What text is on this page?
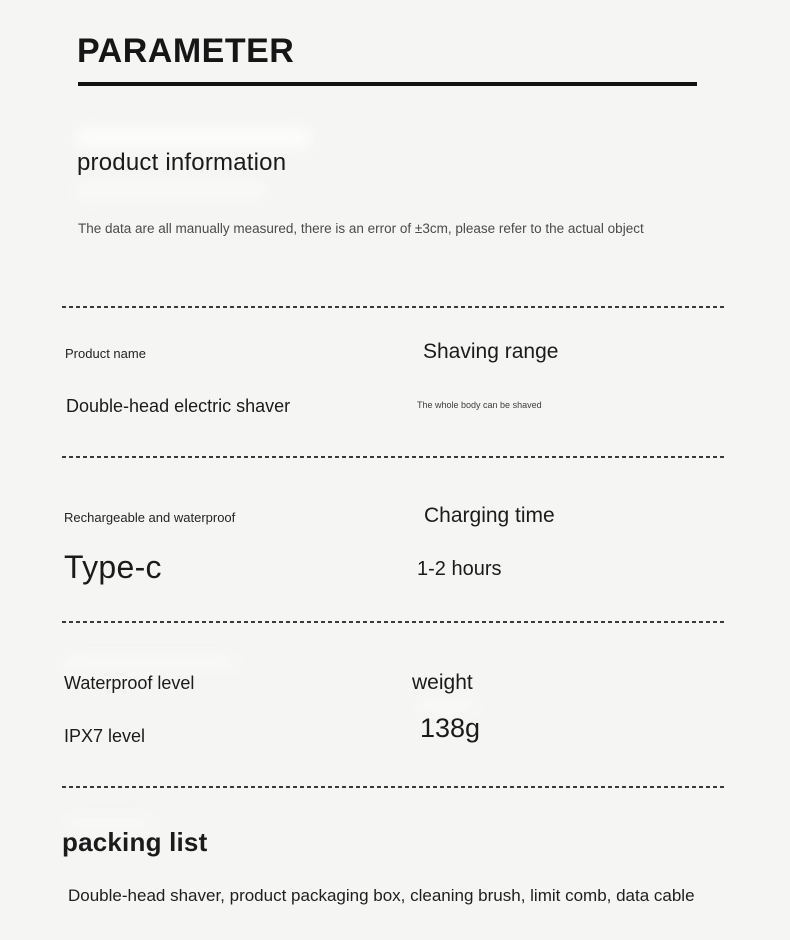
PARAMETER
product information
The data are all manually measured, there is an error of ±3cm, please refer to the actual object
Product name	Shaving range
Double-head electric shaver	The whole body can be shaved
Rechargeable and waterproof	Charging time
Type-c	1-2 hours
Waterproof level	weight
IPX7 level	138g
packing list
Double-head shaver, product packaging box, cleaning brush, limit comb, data cable
